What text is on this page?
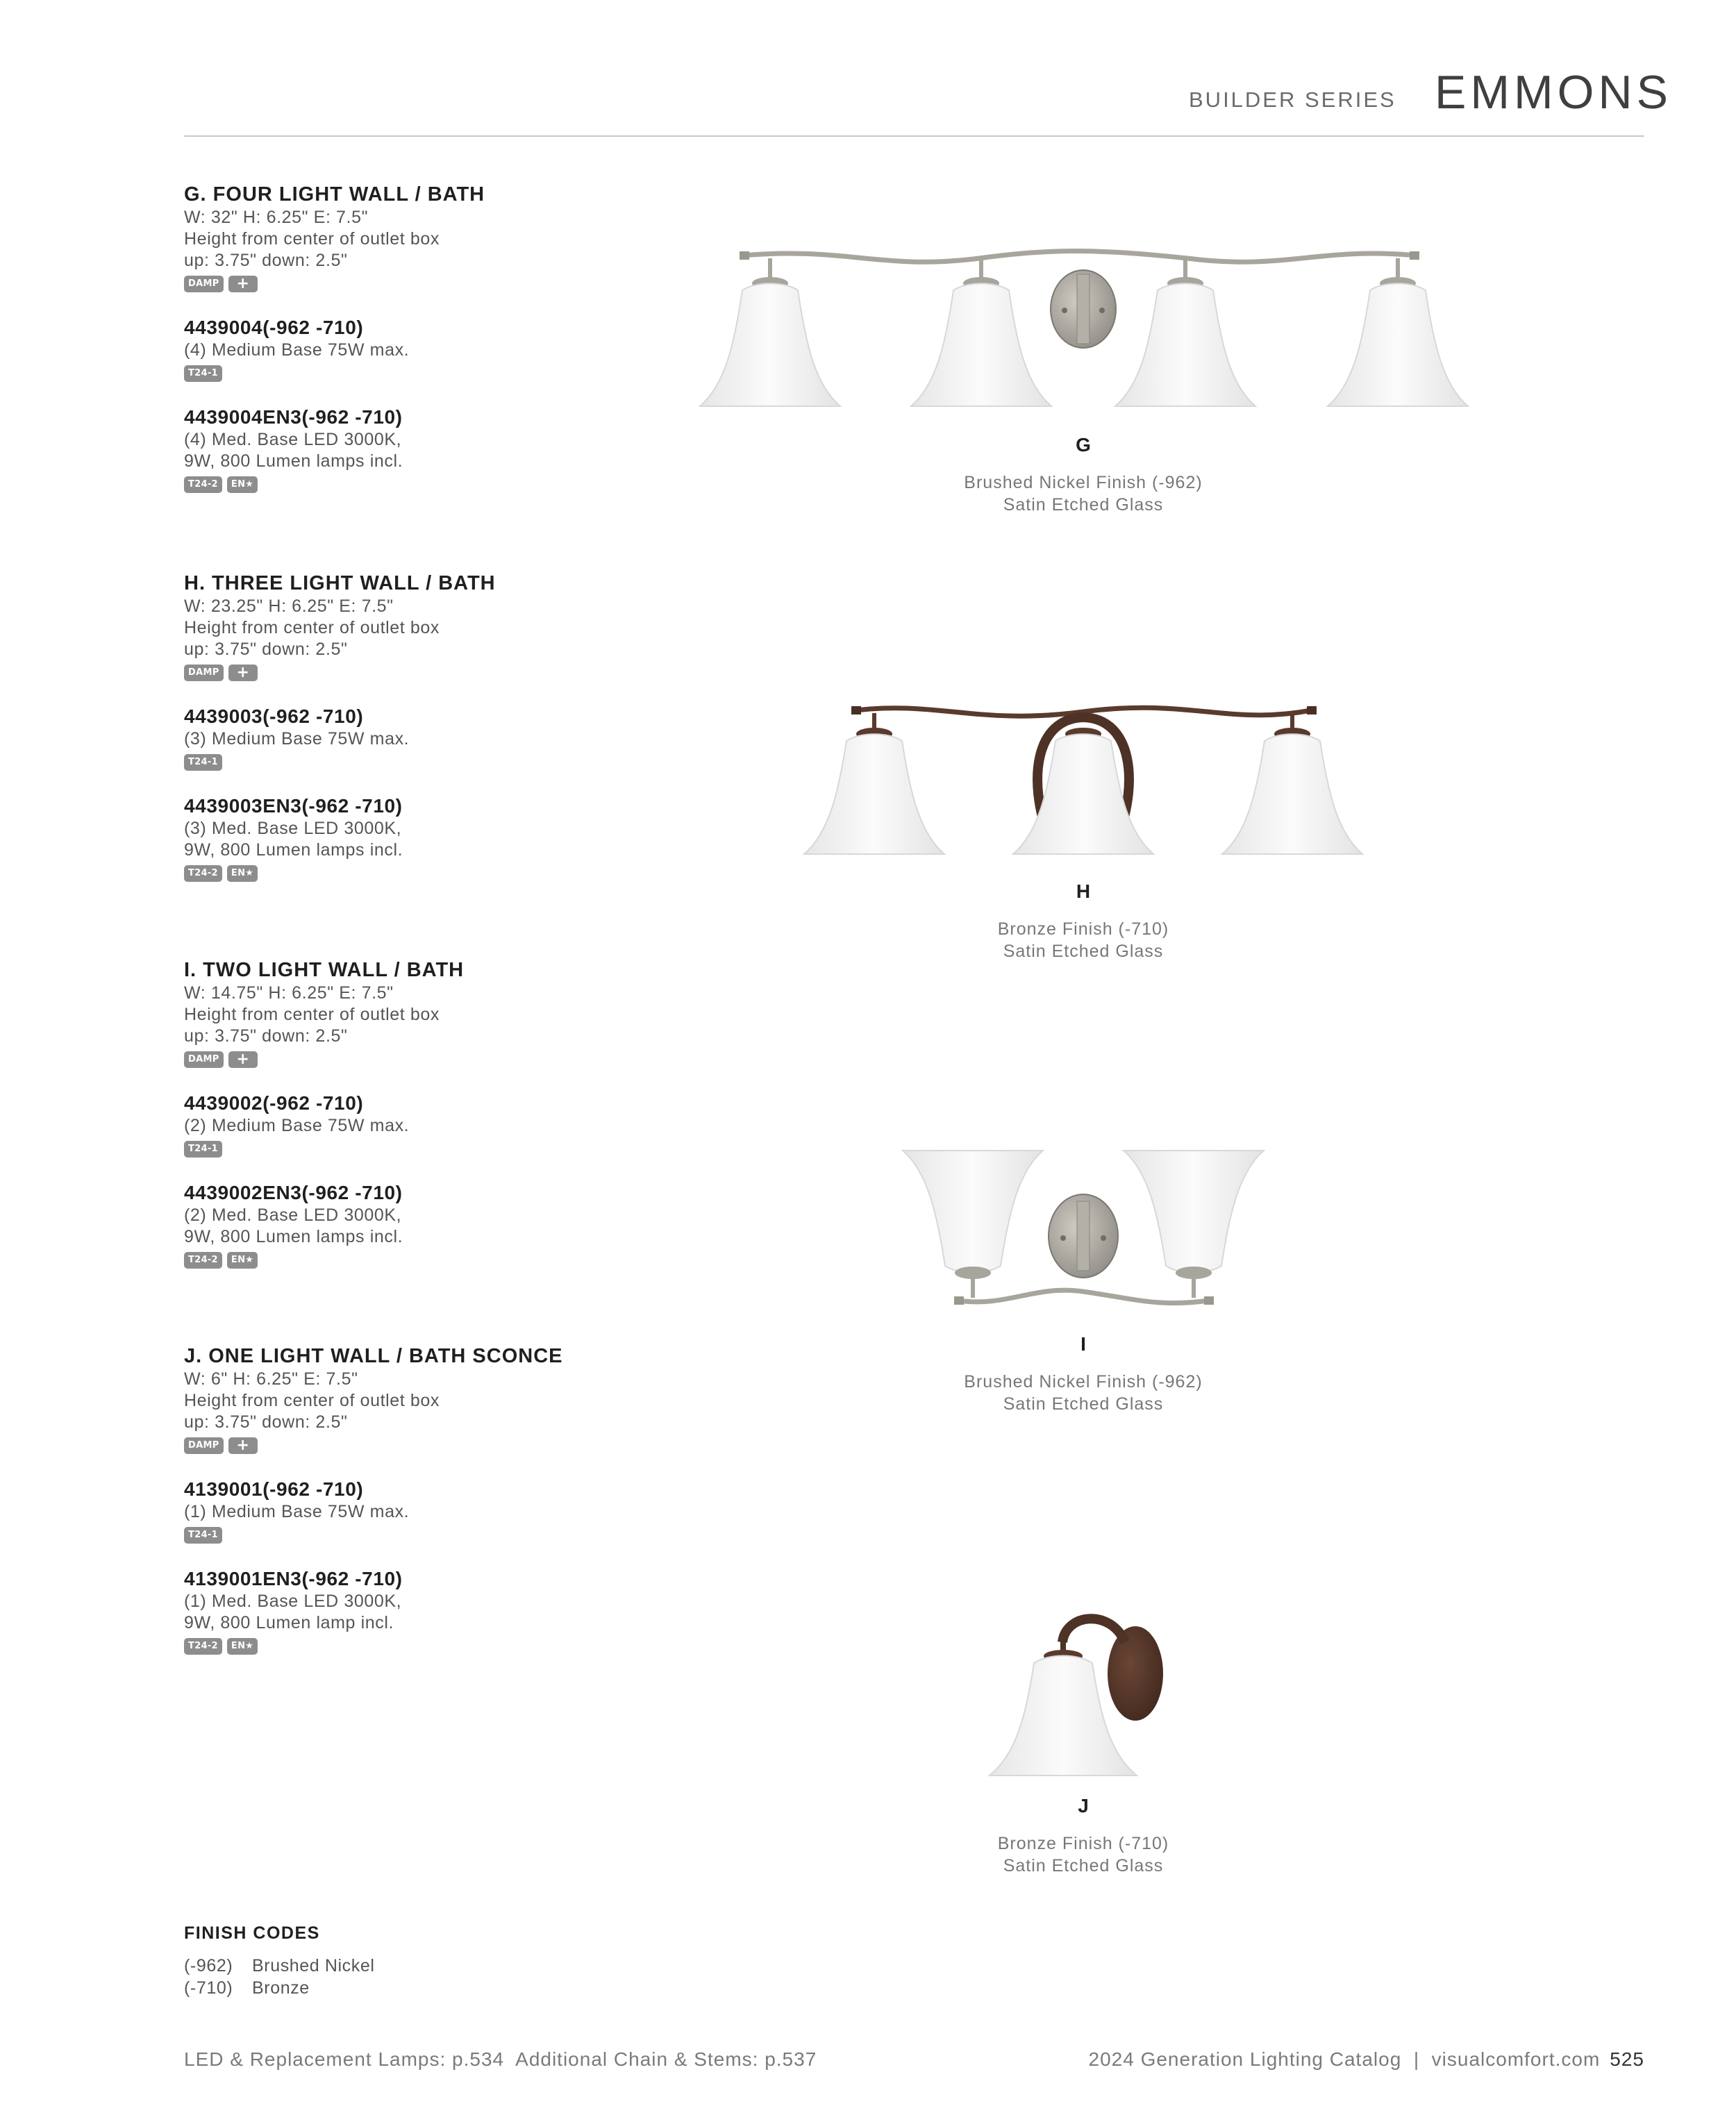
BUILDER SERIES EMMONS
G. FOUR LIGHT WALL / BATH
W: 32" H: 6.25" E: 7.5"
Height from center of outlet box
up: 3.75" down: 2.5"
DAMP	+
4439004(-962 -710)
(4) Medium Base 75W max.
T24-1
4439004EN3(-962 -710)
(4) Med. Base LED 3000K,
9W, 800 Lumen lamps incl.
T24-2	EN★
H. THREE LIGHT WALL / BATH
W: 23.25" H: 6.25" E: 7.5"
Height from center of outlet box
up: 3.75" down: 2.5"
DAMP	+
4439003(-962 -710)
(3) Medium Base 75W max.
T24-1
4439003EN3(-962 -710)
(3) Med. Base LED 3000K,
9W, 800 Lumen lamps incl.
T24-2	EN★
I. TWO LIGHT WALL / BATH
W: 14.75" H: 6.25" E: 7.5"
Height from center of outlet box
up: 3.75" down: 2.5"
DAMP	+
4439002(-962 -710)
(2) Medium Base 75W max.
T24-1
4439002EN3(-962 -710)
(2) Med. Base LED 3000K,
9W, 800 Lumen lamps incl.
T24-2	EN★
J. ONE LIGHT WALL / BATH SCONCE
W: 6" H: 6.25" E: 7.5"
Height from center of outlet box
up: 3.75" down: 2.5"
DAMP	+
4139001(-962 -710)
(1) Medium Base 75W max.
T24-1
4139001EN3(-962 -710)
(1) Med. Base LED 3000K,
9W, 800 Lumen lamp incl.
T24-2	EN★
G
Brushed Nickel Finish (-962)
Satin Etched Glass
H
Bronze Finish (-710)
Satin Etched Glass
I
Brushed Nickel Finish (-962)
Satin Etched Glass
J
Bronze Finish (-710)
Satin Etched Glass
FINISH CODES
(-962) Brushed Nickel
(-710) Bronze
LED & Replacement Lamps: p.534  Additional Chain & Stems: p.537	2024 Generation Lighting Catalog  |  visualcomfort.com 525
